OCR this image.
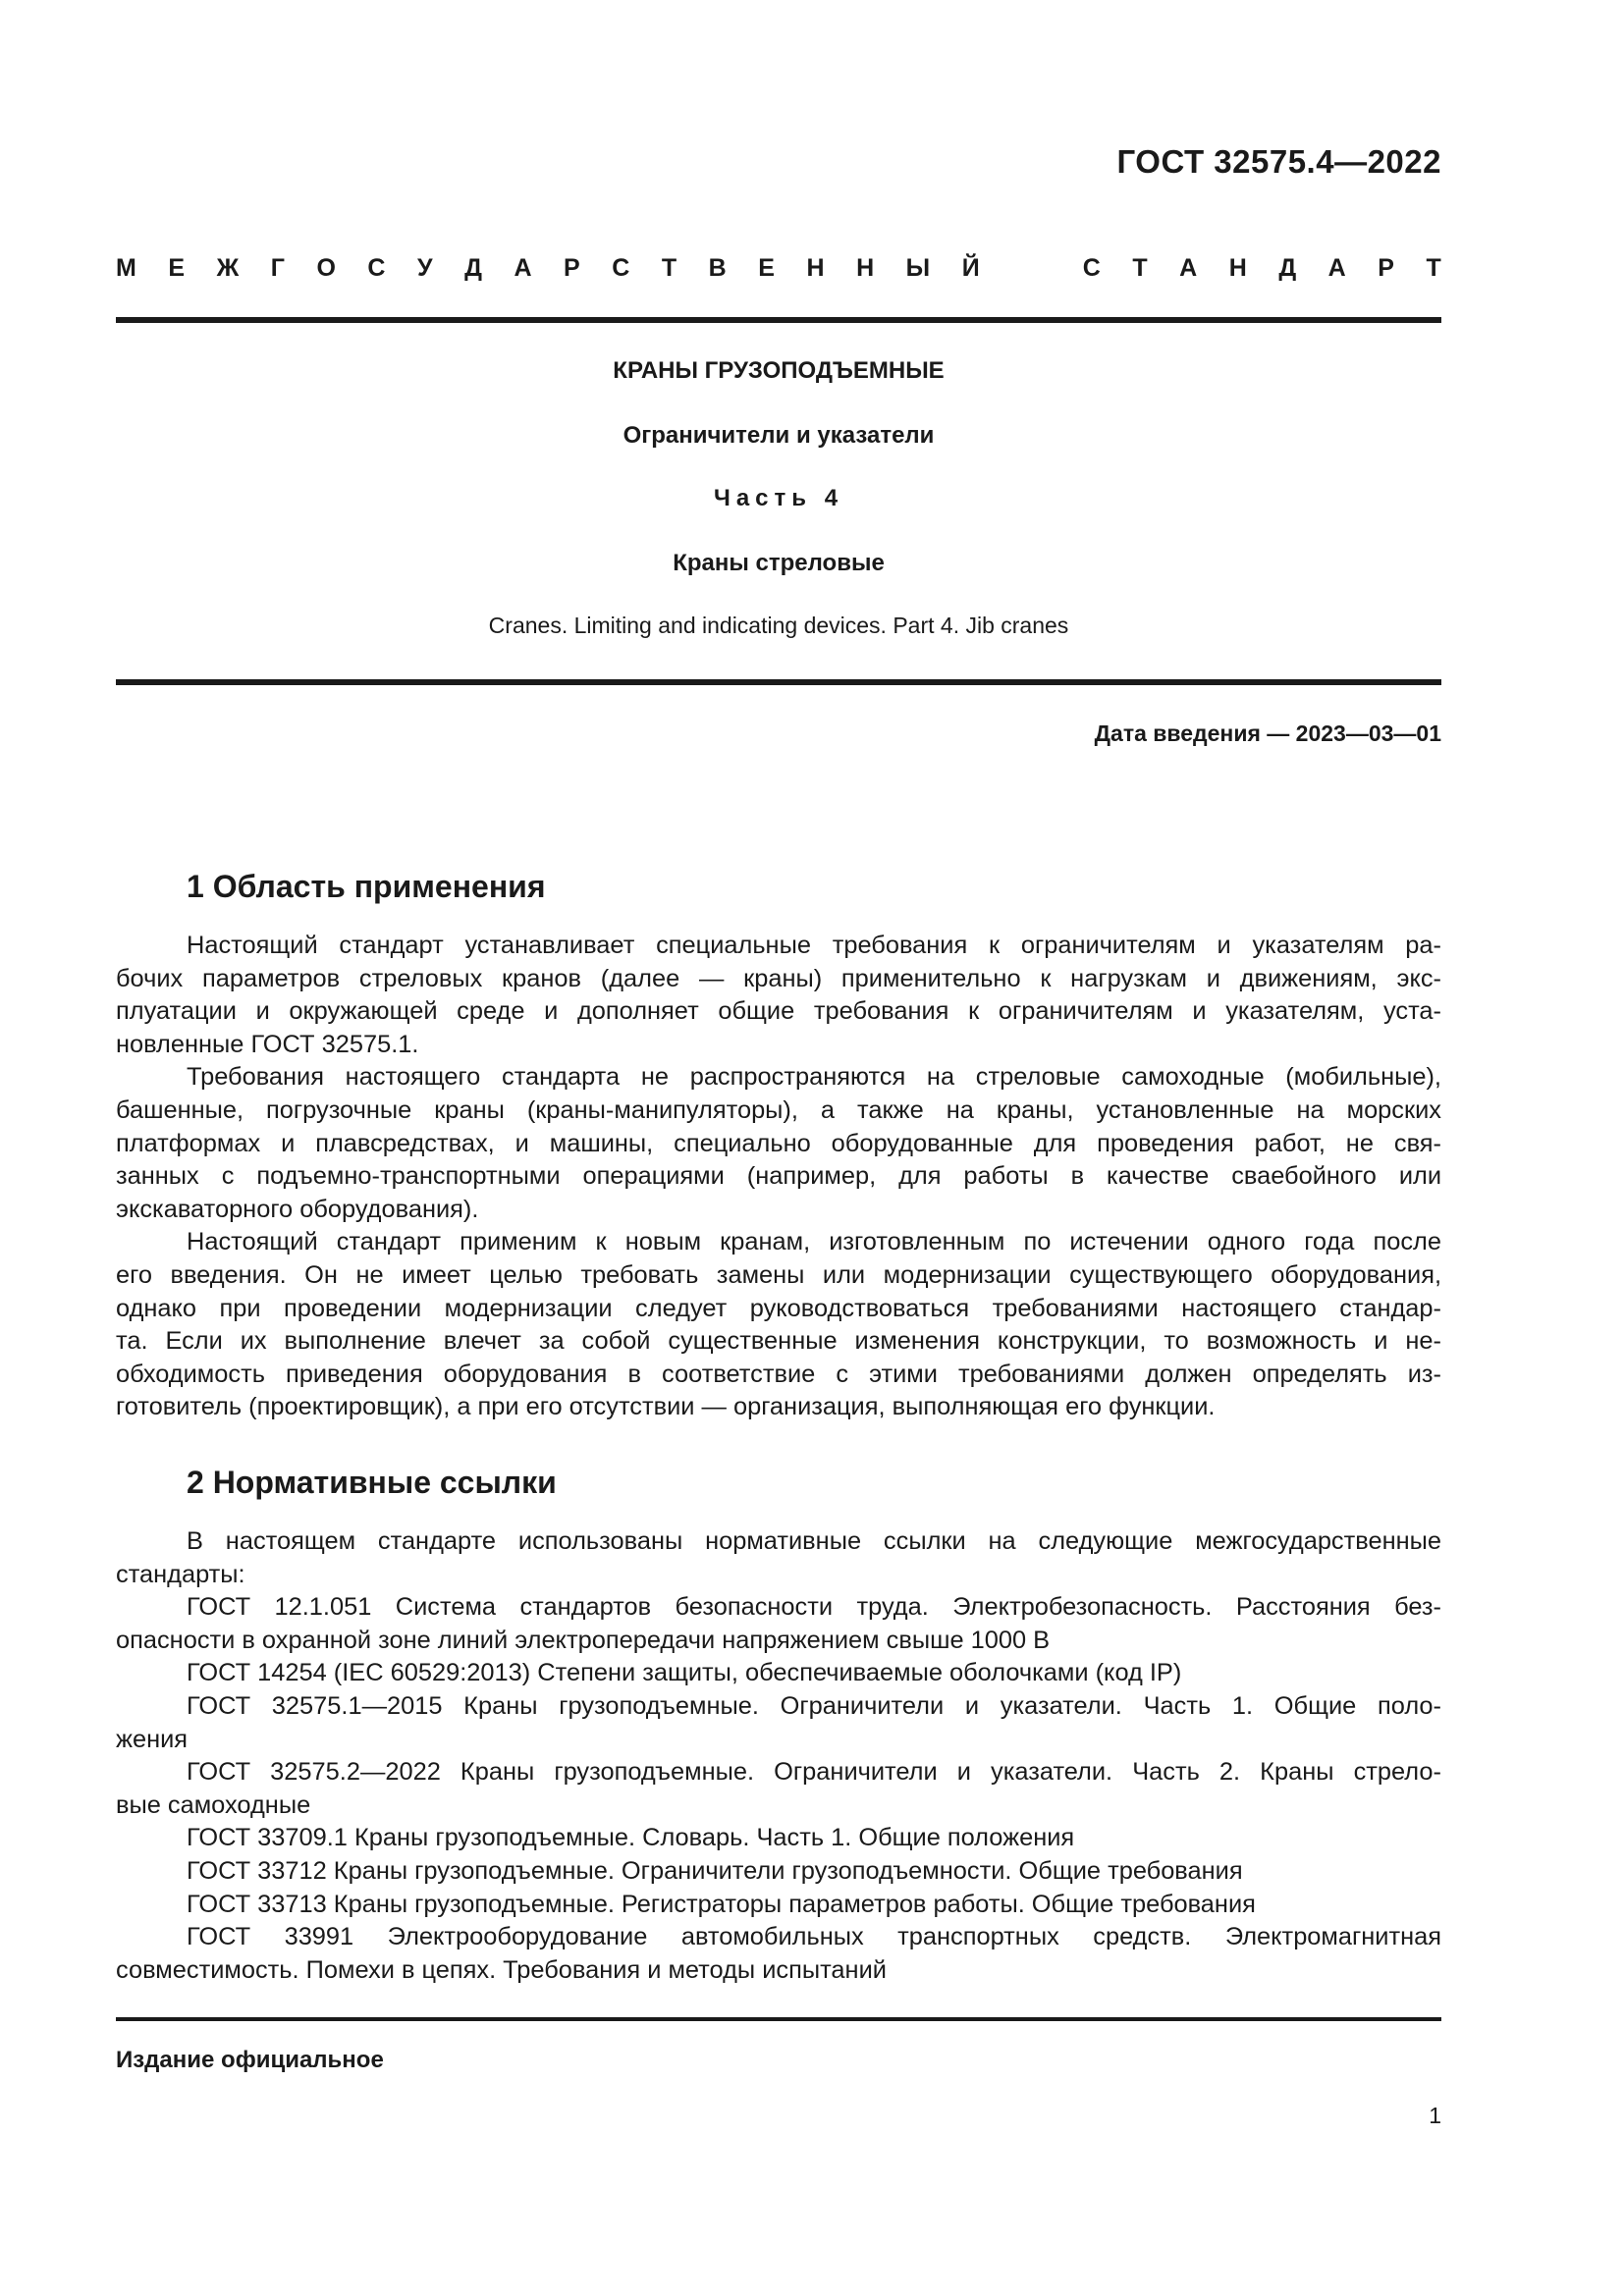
ГОСТ 32575.4—2022
М Е Ж Г О С У Д А Р С Т В Е Н Н Ы Й	С Т А Н Д А Р Т
КРАНЫ ГРУЗОПОДЪЕМНЫЕ
Ограничители и указатели
Часть 4
Краны стреловые
Cranes. Limiting and indicating devices. Part 4. Jib cranes
Дата введения — 2023—03—01
1 Область применения
Настоящий стандарт устанавливает специальные требования к ограничителям и указателям ра-
бочих параметров стреловых кранов (далее — краны) применительно к нагрузкам и движениям, экс-
плуатации и окружающей среде и дополняет общие требования к ограничителям и указателям, уста-
новленные ГОСТ 32575.1.
Требования настоящего стандарта не распространяются на стреловые самоходные (мобильные),
башенные, погрузочные краны (краны-манипуляторы), а также на краны, установленные на морских
платформах и плавсредствах, и машины, специально оборудованные для проведения работ, не свя-
занных с подъемно-транспортными операциями (например, для работы в качестве сваебойного или
экскаваторного оборудования).
Настоящий стандарт применим к новым кранам, изготовленным по истечении одного года после
его введения. Он не имеет целью требовать замены или модернизации существующего оборудования,
однако при проведении модернизации следует руководствоваться требованиями настоящего стандар-
та. Если их выполнение влечет за собой существенные изменения конструкции, то возможность и не-
обходимость приведения оборудования в соответствие с этими требованиями должен определять из-
готовитель (проектировщик), а при его отсутствии — организация, выполняющая его функции.
2 Нормативные ссылки
В настоящем стандарте использованы нормативные ссылки на следующие межгосударственные
стандарты:
ГОСТ 12.1.051 Система стандартов безопасности труда. Электробезопасность. Расстояния без-
опасности в охранной зоне линий электропередачи напряжением свыше 1000 В
ГОСТ 14254 (IEC 60529:2013) Степени защиты, обеспечиваемые оболочками (код IP)
ГОСТ 32575.1—2015 Краны грузоподъемные. Ограничители и указатели. Часть 1. Общие поло-
жения
ГОСТ 32575.2—2022 Краны грузоподъемные. Ограничители и указатели. Часть 2. Краны стрело-
вые самоходные
ГОСТ 33709.1 Краны грузоподъемные. Словарь. Часть 1. Общие положения
ГОСТ 33712 Краны грузоподъемные. Ограничители грузоподъемности. Общие требования
ГОСТ 33713 Краны грузоподъемные. Регистраторы параметров работы. Общие требования
ГОСТ 33991 Электрооборудование автомобильных транспортных средств. Электромагнитная
совместимость. Помехи в цепях. Требования и методы испытаний
Издание официальное
1
